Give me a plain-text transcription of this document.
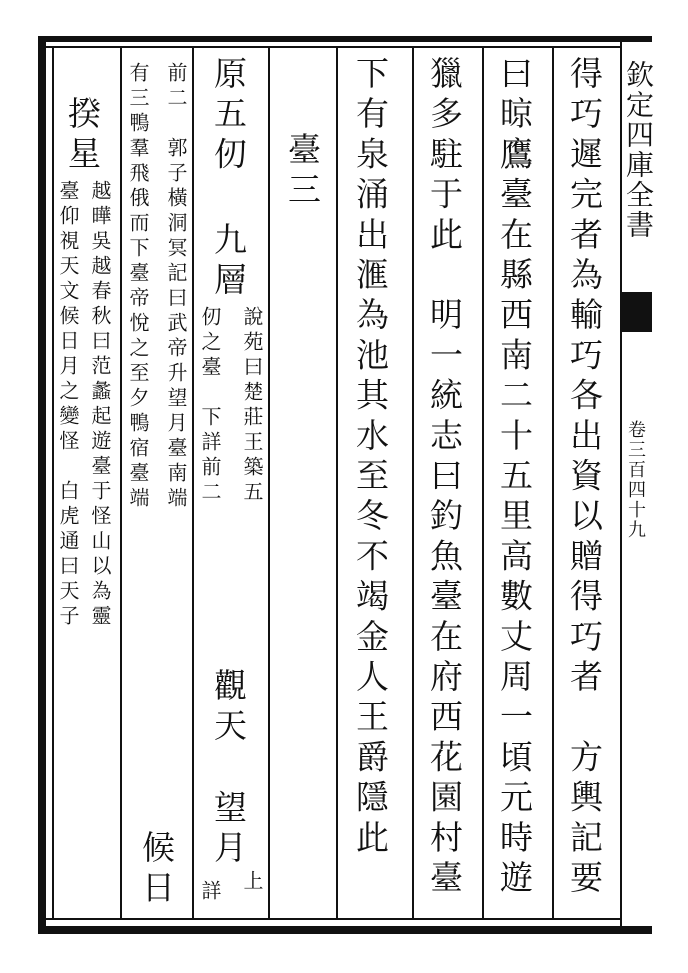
欽定四庫全書
卷三百四十九
得巧遲完者為輸巧各出資以贈得巧者　方輿記要
曰晾鷹臺在縣西南二十五里高數丈周一頃元時遊
獵多駐于此　明一統志曰釣魚臺在府西花園村臺
下有泉涌出滙為池其水至冬不竭金人王爵隱此
臺三
原五仞
九層
說苑曰楚莊王築五
仞之臺　下詳前二
觀天
望月
上
詳
前二　郭子橫洞冥記曰武帝升望月臺南端
有三鴨羣飛俄而下臺帝悅之至夕鴨宿臺端
候日
揆星
越曄吳越春秋曰范蠡起遊臺于怪山以為靈
臺仰視天文候日月之變怪　白虎通曰天子
